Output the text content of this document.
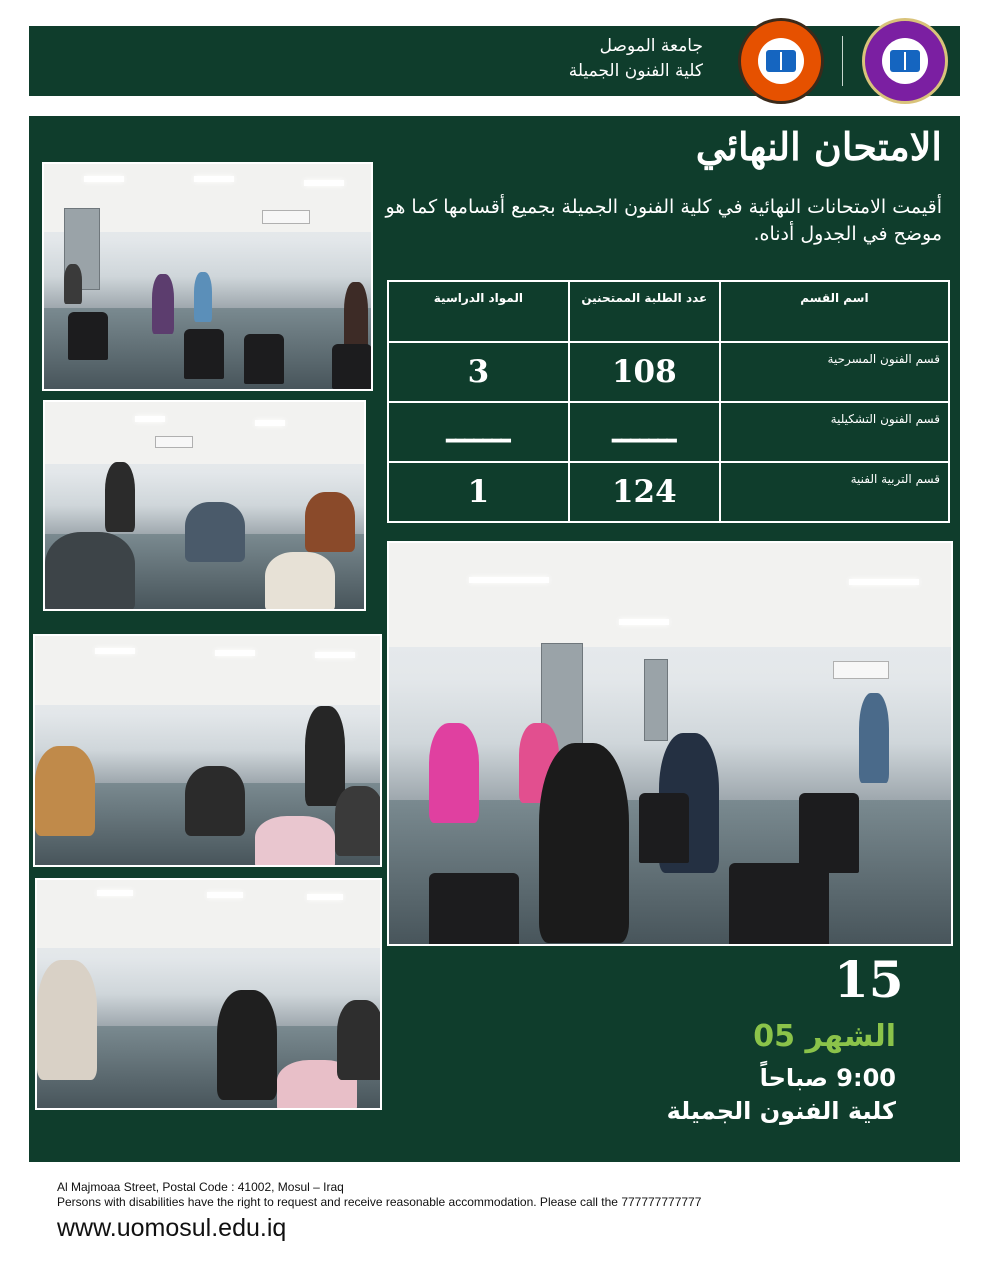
جامعة الموصل
كلية الفنون الجميلة
الامتحان النهائي
أقيمت الامتحانات النهائية في كلية الفنون الجميلة بجميع أقسامها كما هو موضح في الجدول أدناه.
اسم القسم	عدد الطلبة الممتحنين	المواد الدراسية
قسم الفنون المسرحية	108	3
قسم الفنون التشكيلية	ـــــــ	ـــــــ
قسم التربية الفنية	124	1
15
الشهر 05
9:00 صباحاً
كلية الفنون الجميلة
Al Majmoaa Street, Postal Code : 41002, Mosul – Iraq
Persons with disabilities have the right to request and receive reasonable accommodation. Please call the 777777777777
www.uomosul.edu.iq
